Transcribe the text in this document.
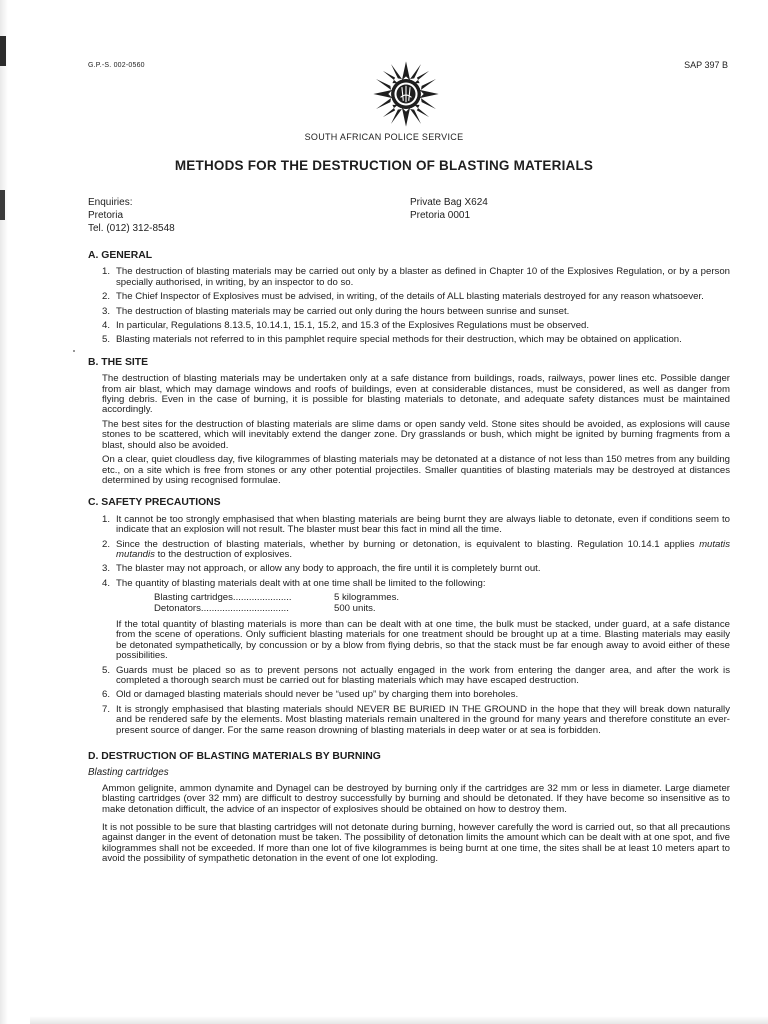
G.P.-S. 002-0560	SAP 397 B
SOUTH AFRICAN POLICE SERVICE
METHODS FOR THE DESTRUCTION OF BLASTING MATERIALS
Enquiries:
Pretoria
Tel. (012) 312-8548
Private Bag X624
Pretoria 0001
A. GENERAL
1. The destruction of blasting materials may be carried out only by a blaster as defined in Chapter 10 of the Explosives Regulation, or by a person specially authorised, in writing, by an inspector to do so.
2. The Chief Inspector of Explosives must be advised, in writing, of the details of ALL blasting materials destroyed for any reason whatsoever.
3. The destruction of blasting materials may be carried out only during the hours between sunrise and sunset.
4. In particular, Regulations 8.13.5, 10.14.1, 15.1, 15.2, and 15.3 of the Explosives Regulations must be observed.
5. Blasting materials not referred to in this pamphlet require special methods for their destruction, which may be obtained on application.
B. THE SITE

The destruction of blasting materials may be undertaken only at a safe distance from buildings, roads, railways, power lines etc. Possible danger from air blast, which may damage windows and roofs of buildings, even at considerable distances, must be considered, as well as danger from flying debris. Even in the case of burning, it is possible for blasting materials to detonate, and adequate safety distances must be maintained accordingly.

The best sites for the destruction of blasting materials are slime dams or open sandy veld. Stone sites should be avoided, as explosions will cause stones to be scattered, which will inevitably extend the danger zone. Dry grasslands or bush, which might be ignited by burning fragments from a blast, should also be avoided.

On a clear, quiet cloudless day, five kilogrammes of blasting materials may be detonated at a distance of not less than 150 metres from any building etc., on a site which is free from stones or any other potential projectiles. Smaller quantities of blasting materials may be destroyed at distances determined by using recognised formulae.

C. SAFETY PRECAUTIONS
1. It cannot be too strongly emphasised that when blasting materials are being burnt they are always liable to detonate, even if conditions seem to indicate that an explosion will not result. The blaster must bear this fact in mind all the time.
2. Since the destruction of blasting materials, whether by burning or detonation, is equivalent to blasting. Regulation 10.14.1 applies mutatis mutandis to the destruction of explosives.
3. The blaster may not approach, or allow any body to approach, the fire until it is completely burnt out.
4. The quantity of blasting materials dealt with at one time shall be limited to the following:
Blasting cartridges......................	5 kilogrammes.
Detonators.................................	500 units.
If the total quantity of blasting materials is more than can be dealt with at one time, the bulk must be stacked, under guard, at a safe distance from the scene of operations. Only sufficient blasting materials for one treatment should be brought up at a time. Blasting materials may easily be detonated sympathetically, by concussion or by a blow from flying debris, so that the stack must be far enough away to avoid either of these possibilities.
5. Guards must be placed so as to prevent persons not actually engaged in the work from entering the danger area, and after the work is completed a thorough search must be carried out for blasting materials which may have escaped destruction.
6. Old or damaged blasting materials should never be “used up” by charging them into boreholes.
7. It is strongly emphasised that blasting materials should NEVER BE BURIED IN THE GROUND in the hope that they will break down naturally and be rendered safe by the elements. Most blasting materials remain unaltered in the ground for many years and therefore constitute an ever-present source of danger. For the same reason drowning of blasting materials in deep water or at sea is forbidden.
D. DESTRUCTION OF BLASTING MATERIALS BY BURNING
Blasting cartridges

Ammon gelignite, ammon dynamite and Dynagel can be destroyed by burning only if the cartridges are 32 mm or less in diameter. Large diameter blasting cartridges (over 32 mm) are difficult to destroy successfully by burning and should be detonated. If they have become so insensitive as to make detonation difficult, the advice of an inspector of explosives should be obtained on how to destroy them.

It is not possible to be sure that blasting cartridges will not detonate during burning, however carefully the word is carried out, so that all precautions against danger in the event of detonation must be taken. The possibility of detonation limits the amount which can be dealt with at one spot, and five kilogrammes shall not be exceeded. If more than one lot of five kilogrammes is being burnt at one time, the sites shall be at least 10 meters apart to avoid the possibility of sympathetic detonation in the event of one lot exploding.
